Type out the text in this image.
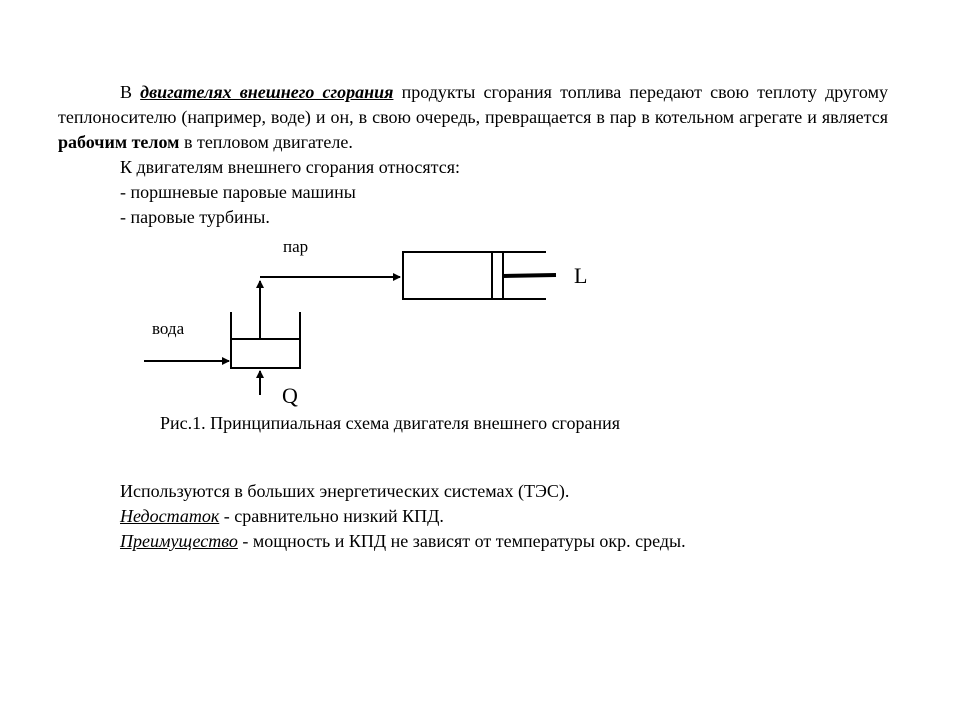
В двигателях внешнего сгорания продукты сгорания топлива передают свою теплоту другому теплоносителю (например, воде) и он, в свою очередь, превращается в пар в котельном агрегате и является рабочим телом в тепловом двигателе.
К двигателям внешнего сгорания относятся:
- поршневые паровые машины
- паровые турбины.
пар
вода
L
Q
Рис.1. Принципиальная схема двигателя внешнего сгорания
Используются в больших энергетических системах (ТЭС).
Недостаток - сравнительно низкий КПД.
Преимущество - мощность и КПД не зависят от температуры окр. среды.
